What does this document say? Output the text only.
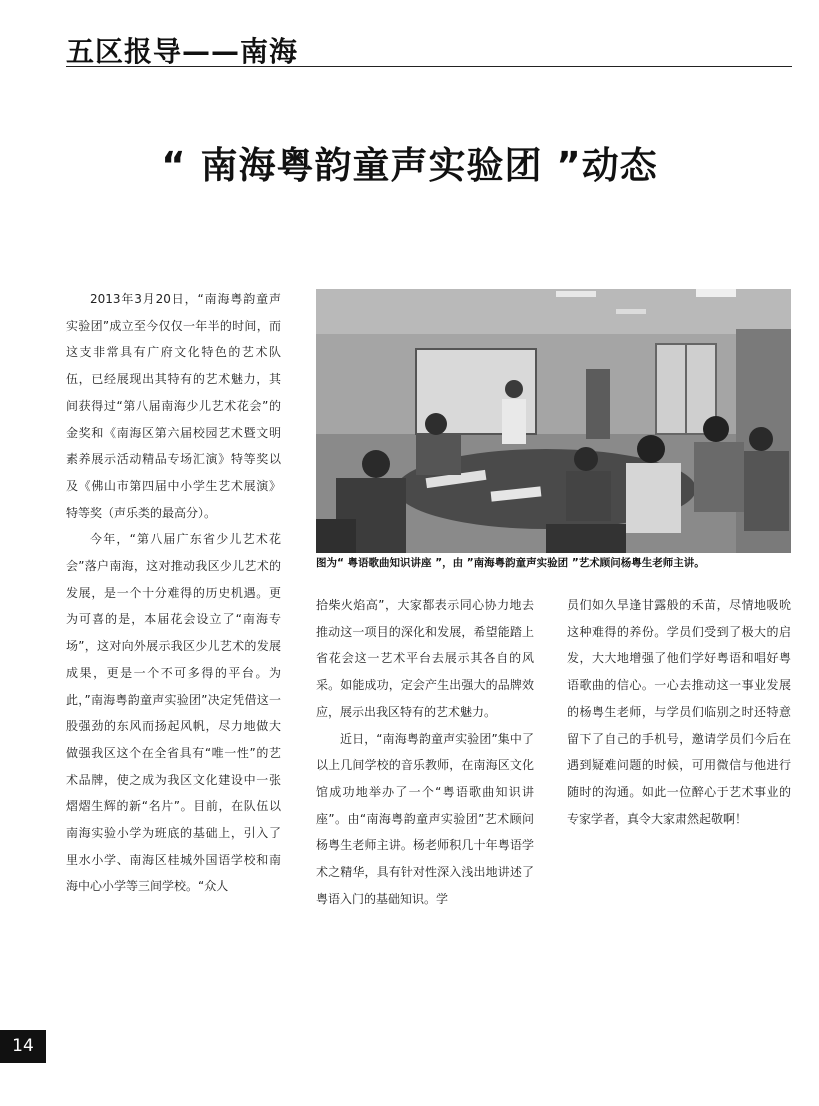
五区报导——南海
“ 南海粤韵童声实验团 ”动态

2013年3月20日，“南海粤韵童声实验团”成立至今仅仅一年半的时间，而这支非常具有广府文化特色的艺术队伍，已经展现出其特有的艺术魅力，其间获得过“第八届南海少儿艺术花会”的金奖和《南海区第六届校园艺术暨文明素养展示活动精品专场汇演》特等奖以及《佛山市第四届中小学生艺术展演》特等奖（声乐类的最高分）。

今年，“第八届广东省少儿艺术花会”落户南海，这对推动我区少儿艺术的发展，是一个十分难得的历史机遇。更为可喜的是，本届花会设立了“南海专场”，这对向外展示我区少儿艺术的发展成果，更是一个不可多得的平台。为此，”南海粤韵童声实验团”决定凭借这一股强劲的东风而扬起风帆，尽力地做大做强我区这个在全省具有“唯一性”的艺术品牌，使之成为我区文化建设中一张熠熠生辉的新“名片”。目前，在队伍以南海实验小学为班底的基础上，引入了里水小学、南海区桂城外国语学校和南海中心小学等三间学校。“众人

图为“ 粤语歌曲知识讲座 ”，由 ”南海粤韵童声实验团 ”艺术顾问杨粤生老师主讲。

拾柴火焰高”，大家都表示同心协力地去推动这一项目的深化和发展，希望能踏上省花会这一艺术平台去展示其各自的风采。如能成功，定会产生出强大的品牌效应，展示出我区特有的艺术魅力。

近日，“南海粤韵童声实验团”集中了以上几间学校的音乐教师，在南海区文化馆成功地举办了一个“粤语歌曲知识讲座”。由“南海粤韵童声实验团”艺术顾问杨粤生老师主讲。杨老师积几十年粤语学术之精华，具有针对性深入浅出地讲述了粤语入门的基础知识。学

员们如久旱逢甘露般的禾苗，尽情地吸吮这种难得的养份。学员们受到了极大的启发，大大地增强了他们学好粤语和唱好粤语歌曲的信心。一心去推动这一事业发展的杨粤生老师，与学员们临别之时还特意留下了自己的手机号，邀请学员们今后在遇到疑难问题的时候，可用微信与他进行随时的沟通。如此一位醉心于艺术事业的专家学者，真令大家肃然起敬啊！

14
